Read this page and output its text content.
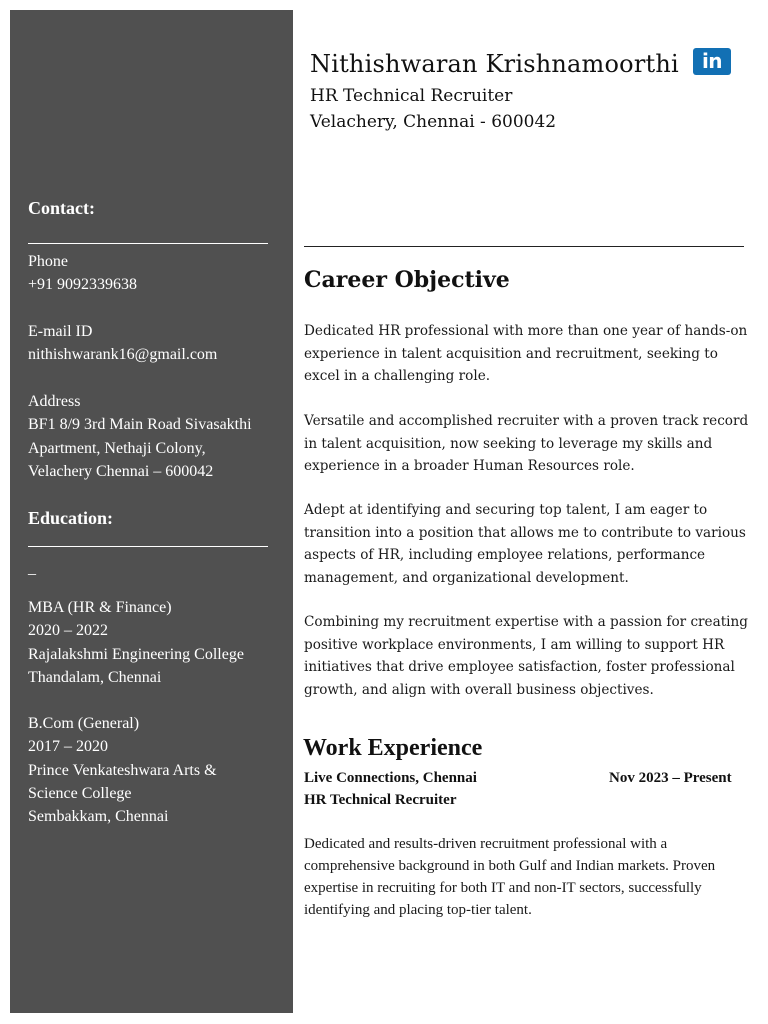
Contact:
Phone
+91 9092339638
E-mail ID
nithishwarank16@gmail.com
Address
BF1 8/9 3rd Main Road Sivasakthi
Apartment, Nethaji Colony,
Velachery Chennai – 600042
Education:
_
MBA (HR & Finance)
2020 – 2022
Rajalakshmi Engineering College
Thandalam, Chennai
B.Com (General)
2017 – 2020
Prince Venkateshwara Arts &
Science College
Sembakkam, Chennai
Nithishwaran Krishnamoorthi
HR Technical Recruiter
Velachery, Chennai - 600042
in
Career Objective
Dedicated HR professional with more than one year of hands-on
experience in talent acquisition and recruitment, seeking to
excel in a challenging role.
Versatile and accomplished recruiter with a proven track record
in talent acquisition, now seeking to leverage my skills and
experience in a broader Human Resources role.
Adept at identifying and securing top talent, I am eager to
transition into a position that allows me to contribute to various
aspects of HR, including employee relations, performance
management, and organizational development.
Combining my recruitment expertise with a passion for creating
positive workplace environments, I am willing to support HR
initiatives that drive employee satisfaction, foster professional
growth, and align with overall business objectives.
Work Experience
Live Connections, Chennai	Nov 2023 – Present
HR Technical Recruiter
Dedicated and results-driven recruitment professional with a
comprehensive background in both Gulf and Indian markets. Proven
expertise in recruiting for both IT and non-IT sectors, successfully
identifying and placing top-tier talent.
